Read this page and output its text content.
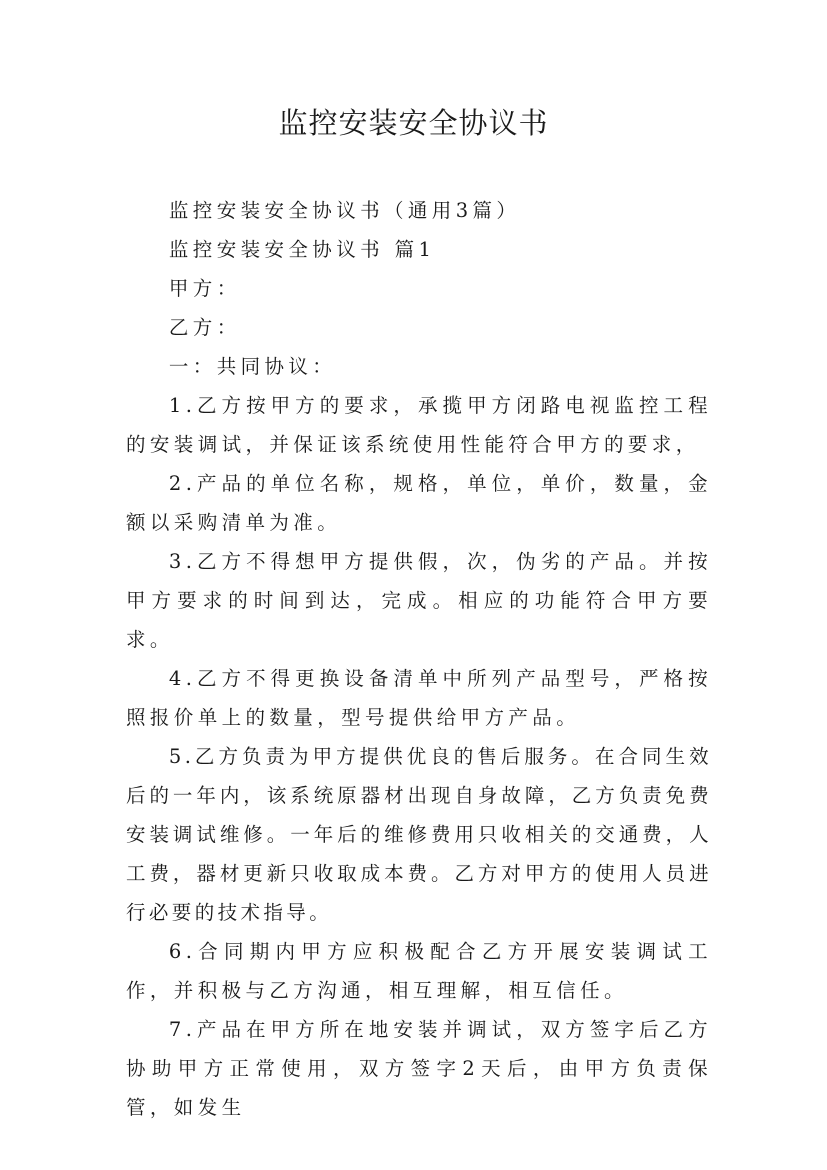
监控安装安全协议书

监控安装安全协议书（通用3篇）

监控安装安全协议书 篇1

甲方：

乙方：

一：共同协议：

1.乙方按甲方的要求，承揽甲方闭路电视监控工程的安装调试，并保证该系统使用性能符合甲方的要求，

2.产品的单位名称，规格，单位，单价，数量，金额以采购清单为准。

3.乙方不得想甲方提供假，次，伪劣的产品。并按甲方要求的时间到达，完成。相应的功能符合甲方要求。

4.乙方不得更换设备清单中所列产品型号，严格按照报价单上的数量，型号提供给甲方产品。

5.乙方负责为甲方提供优良的售后服务。在合同生效后的一年内，该系统原器材出现自身故障，乙方负责免费安装调试维修。一年后的维修费用只收相关的交通费，人工费，器材更新只收取成本费。乙方对甲方的使用人员进行必要的技术指导。

6.合同期内甲方应积极配合乙方开展安装调试工作，并积极与乙方沟通，相互理解，相互信任。

7.产品在甲方所在地安装并调试，双方签字后乙方协助甲方正常使用，双方签字2天后，由甲方负责保管，如发生
